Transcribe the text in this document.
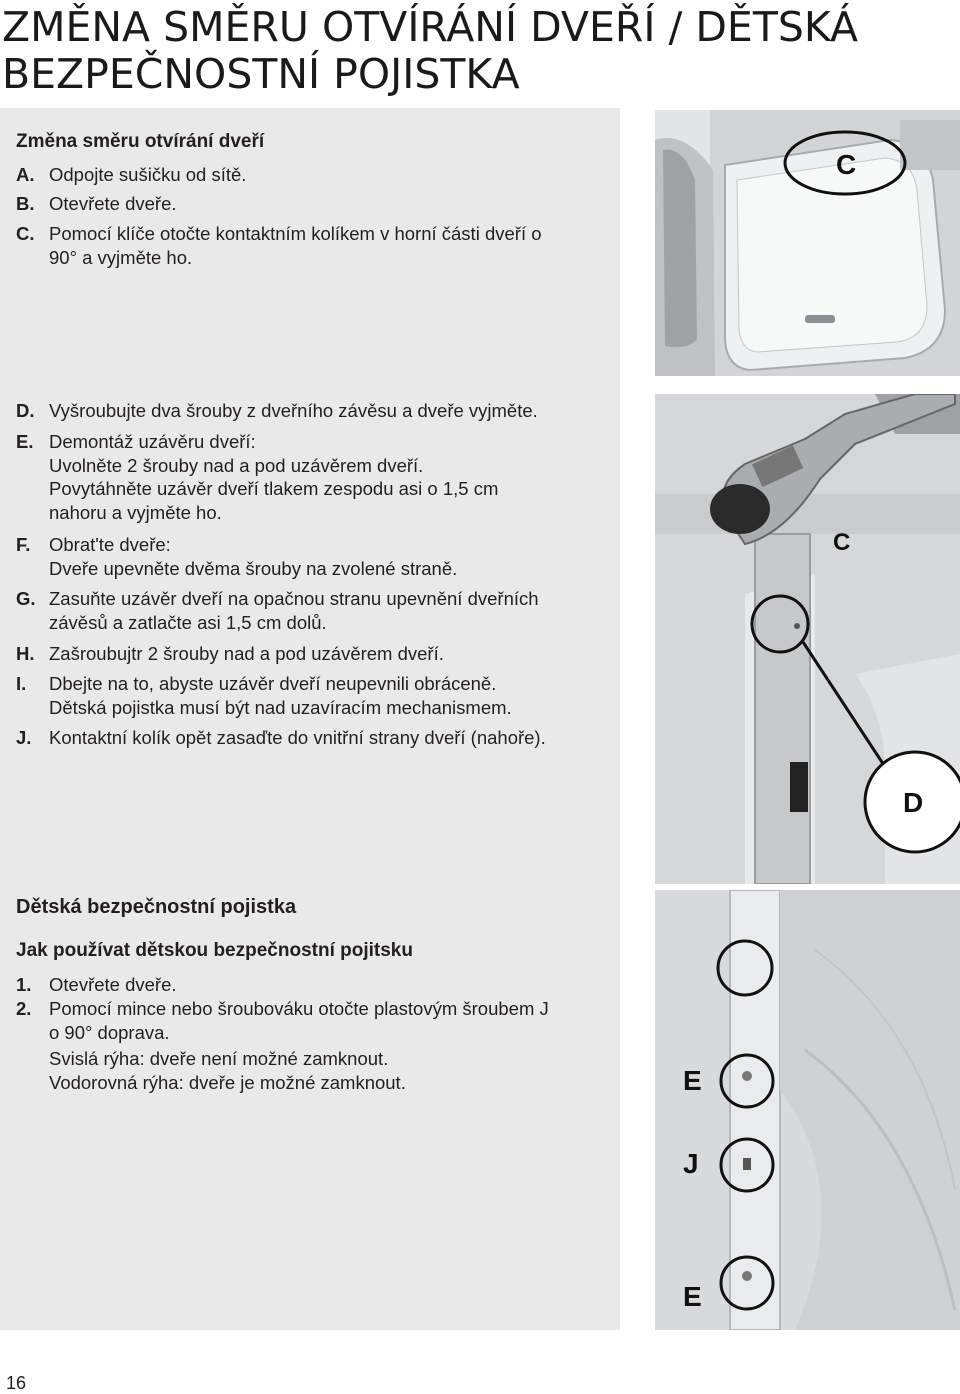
ZMĚNA SMĚRU OTVÍRÁNÍ DVEŘÍ / DĚTSKÁ
BEZPEČNOSTNÍ POJISTKA
Změna směru otvírání dveří
A. Odpojte sušičku od sítě.
B. Otevřete dveře.
C. Pomocí klíče otočte kontaktním kolíkem v horní části dveří o
90° a vyjměte ho.
D. Vyšroubujte dva šrouby z dveřního závěsu a dveře vyjměte.
E. Demontáž uzávěru dveří:
Uvolněte 2 šrouby nad a pod uzávěrem dveří.
Povytáhněte uzávěr dveří tlakem zespodu asi o 1,5 cm
nahoru a vyjměte ho.
F. Obrat'te dveře:
Dveře upevněte dvěma šrouby na zvolené straně.
G. Zasuňte uzávěr dveří na opačnou stranu upevnění dveřních
závěsů a zatlačte asi 1,5 cm dolů.
H. Zašroubujtr 2 šrouby nad a pod uzávěrem dveří.
I. Dbejte na to, abyste uzávěr dveří neupevnili obráceně.
Dětská pojistka musí být nad uzavíracím mechanismem.
J. Kontaktní kolík opět zasaďte do vnitřní strany dveří (nahoře).
Dětská bezpečnostní pojistka
Jak používat dětskou bezpečnostní pojitsku
1. Otevřete dveře.
2. Pomocí mince nebo šroubováku otočte plastovým šroubem J
o 90° doprava.
Svislá rýha: dveře není možné zamknout.
Vodorovná rýha: dveře je možné zamknout.
16
C
C
D
E
J
E
